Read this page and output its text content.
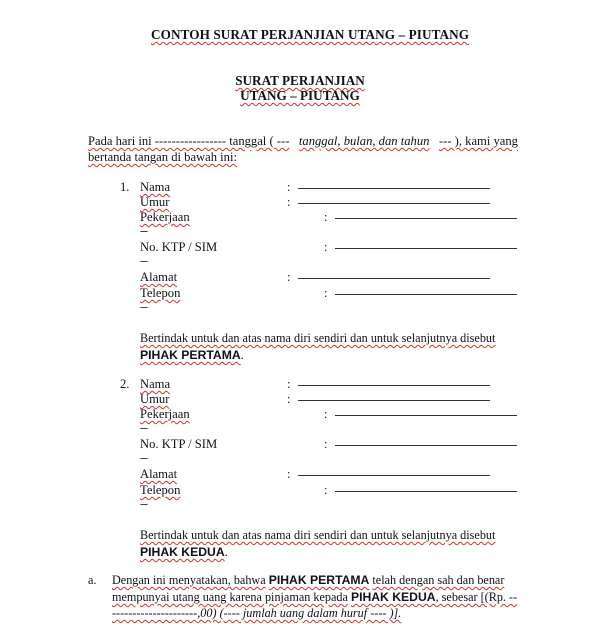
CONTOH SURAT PERJANJIAN UTANG – PIUTANG
SURAT PERJANJIAN
UTANG – PIUTANG
Pada hari ini ----------------- tanggal ( --- tanggal, bulan, dan tahun --- ), kami yang
bertanda tangan di bawah ini:
1. Nama	:
Umur	:
Pekerjaan	:
---
No. KTP / SIM	:
---
Alamat	:
Telepon	:
---
Bertindak untuk dan atas nama diri sendiri dan untuk selanjutnya disebut
PIHAK PERTAMA.
2. Nama	:
Umur	:
Pekerjaan	:
---
No. KTP / SIM	:
---
Alamat	:
Telepon	:
---
Bertindak untuk dan atas nama diri sendiri dan untuk selanjutnya disebut
PIHAK KEDUA.
a. Dengan ini menyatakan, bahwa PIHAK PERTAMA telah dengan sah dan benar
mempunyai utang uang karena pinjaman kepada PIHAK KEDUA, sebesar [(Rp. --
---------------------,00) (---- jumlah uang dalam huruf ---- )].
